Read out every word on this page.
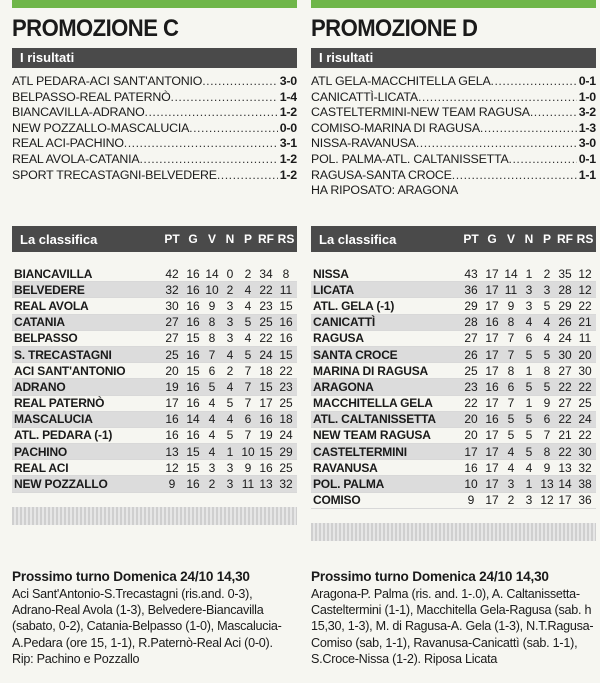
PROMOZIONE C
I risultati
ATL PEDARA-ACI SANT'ANTONIO .....	3-0
BELPASSO-REAL PATERNÒ .....	1-4
BIANCAVILLA-ADRANO .....	1-2
NEW POZZALLO-MASCALUCIA .....	0-0
REAL ACI-PACHINO .....	3-1
REAL AVOLA-CATANIA .....	1-2
SPORT TRECASTAGNI-BELVEDERE .....	1-2
La classifica	PT G V N P RF RS
BIANCAVILLA	42 16 14 0 2 34 8
BELVEDERE	32 16 10 2 4 22 11
REAL AVOLA	30 16 9 3 4 23 15
CATANIA	27 16 8 3 5 25 16
BELPASSO	27 15 8 3 4 22 16
S. TRECASTAGNI	25 16 7 4 5 24 15
ACI SANT'ANTONIO	20 15 6 2 7 18 22
ADRANO	19 16 5 4 7 15 23
REAL PATERNÒ	17 16 4 5 7 17 25
MASCALUCIA	16 14 4 4 6 16 18
ATL. PEDARA (-1)	16 16 4 5 7 19 24
PACHINO	13 15 4 1 10 15 29
REAL ACI	12 15 3 3 9 16 25
NEW POZZALLO	9 16 2 3 11 13 32
Prossimo turno Domenica 24/10 14,30
Aci Sant'Antonio-S.Trecastagni (ris.and. 0-3), Adrano-Real Avola (1-3), Belvedere-Biancavilla (sabato, 0-2), Catania-Belpasso (1-0), Mascalucia-A.Pedara (ore 15, 1-1), R.Paternò-Real Aci (0-0). Rip: Pachino e Pozzallo
PROMOZIONE D
I risultati
ATL GELA-MACCHITELLA GELA .....	0-1
CANICATTÌ-LICATA .....	1-0
CASTELTERMINI-NEW TEAM RAGUSA .....	3-2
COMISO-MARINA DI RAGUSA .....	1-3
NISSA-RAVANUSA .....	3-0
POL. PALMA-ATL. CALTANISSETTA .....	0-1
RAGUSA-SANTA CROCE .....	1-1
HA RIPOSATO: ARAGONA
La classifica	PT G V N P RF RS
NISSA	43 17 14 1 2 35 12
LICATA	36 17 11 3 3 28 12
ATL. GELA (-1)	29 17 9 3 5 29 22
CANICATTÌ	28 16 8 4 4 26 21
RAGUSA	27 17 7 6 4 24 11
SANTA CROCE	26 17 7 5 5 30 20
MARINA DI RAGUSA	25 17 8 1 8 27 30
ARAGONA	23 16 6 5 5 22 22
MACCHITELLA GELA	22 17 7 1 9 27 25
ATL. CALTANISSETTA	20 16 5 5 6 22 24
NEW TEAM RAGUSA	20 17 5 5 7 21 22
CASTELTERMINI	17 17 4 5 8 22 30
RAVANUSA	16 17 4 4 9 13 32
POL. PALMA	10 17 3 1 13 14 38
COMISO	9 17 2 3 12 17 36
Prossimo turno Domenica 24/10 14,30
Aragona-P. Palma (ris. and. 1-.0), A. Caltanissetta-Casteltermini (1-1), Macchitella Gela-Ragusa (sab. h 15,30, 1-3), M. di Ragusa-A. Gela (1-3), N.T.Ragusa-Comiso (sab, 1-1), Ravanusa-Canicattì (sab. 1-1), S.Croce-Nissa (1-2). Riposa Licata
